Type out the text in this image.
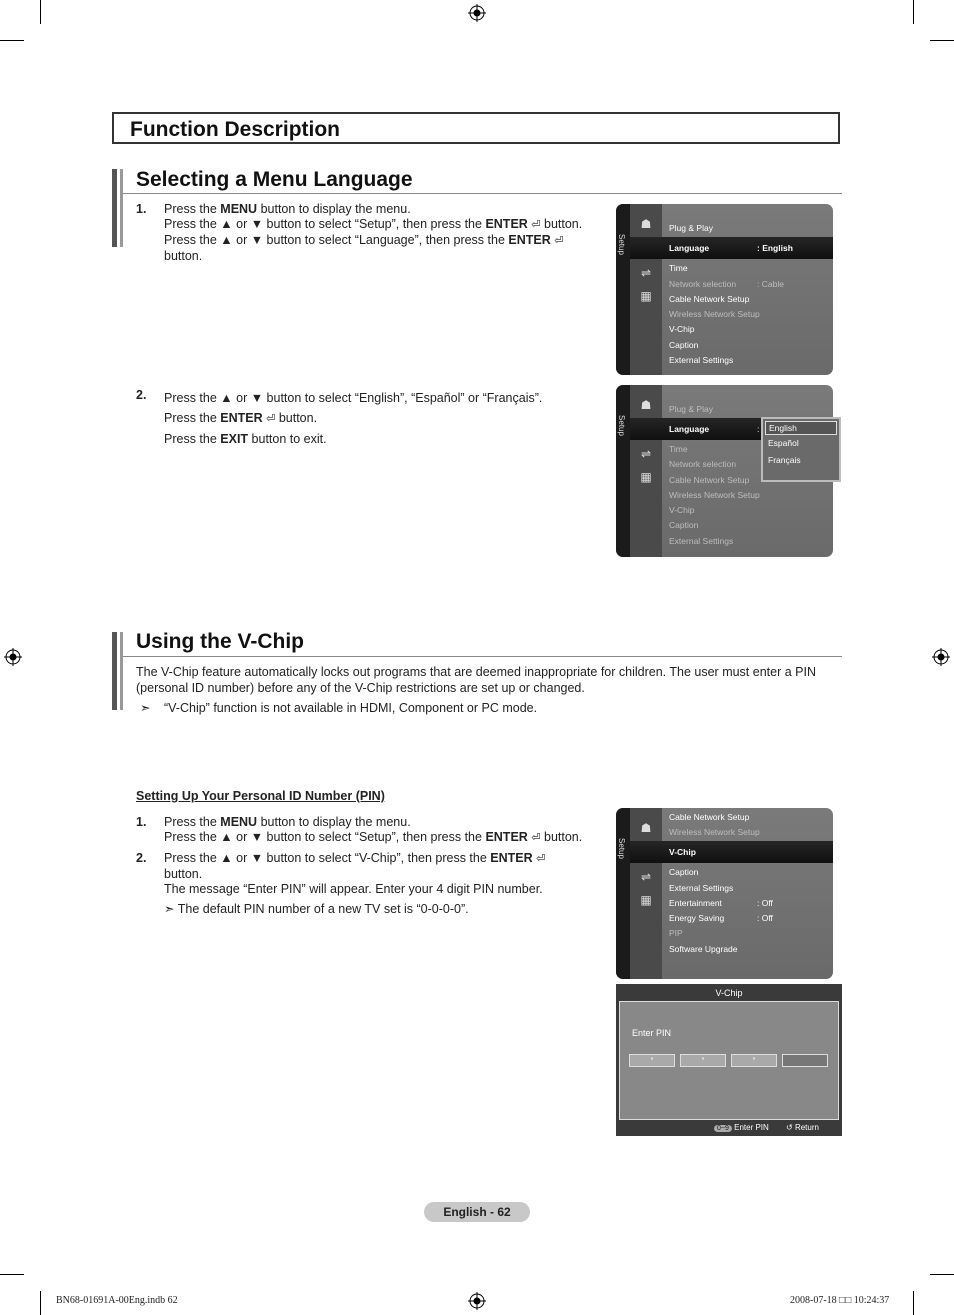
Function Description
Selecting a Menu Language
1. Press the MENU button to display the menu.
Press the ▲ or ▼ button to select “Setup”, then press the ENTER ⏎ button.
Press the ▲ or ▼ button to select “Language”, then press the ENTER ⏎
button.
Setup
☗
⇌
▦
Plug & Play
Language	: English
Time
Network selection : Cable
Cable Network Setup
Wireless Network Setup
V-Chip
Caption
External Settings
2. Press the ▲ or ▼ button to select “English”, “Español” or “Français”.
Press the ENTER ⏎ button.
Press the EXIT button to exit.
Setup
☗
⇌
▦
Plug & Play
Language	:
Time
Network selection
Cable Network Setup
Wireless Network Setup
V-Chip
Caption
External Settings
English
Español
Français
Using the V-Chip
The V-Chip feature automatically locks out programs that are deemed inappropriate for children. The user must enter a PIN
(personal ID number) before any of the V-Chip restrictions are set up or changed.
➣ “V-Chip” function is not available in HDMI, Component or PC mode.
Setting Up Your Personal ID Number (PIN)
1. Press the MENU button to display the menu.
Press the ▲ or ▼ button to select “Setup”, then press the ENTER ⏎ button.
2. Press the ▲ or ▼ button to select “V-Chip”, then press the ENTER ⏎
button.
The message “Enter PIN” will appear. Enter your 4 digit PIN number.
➣ The default PIN number of a new TV set is “0-0-0-0”.
Setup
☗
⇌
▦
Cable Network Setup
Wireless Network Setup
V-Chip
Caption
External Settings
Entertainment	: Off
Energy Saving	: Off
PIP
Software Upgrade
V-Chip
Enter PIN
*	*	*
0~9 Enter PIN ↺ Return
English - 62
BN68-01691A-00Eng.indb 62	2008-07-18 □□ 10:24:37
